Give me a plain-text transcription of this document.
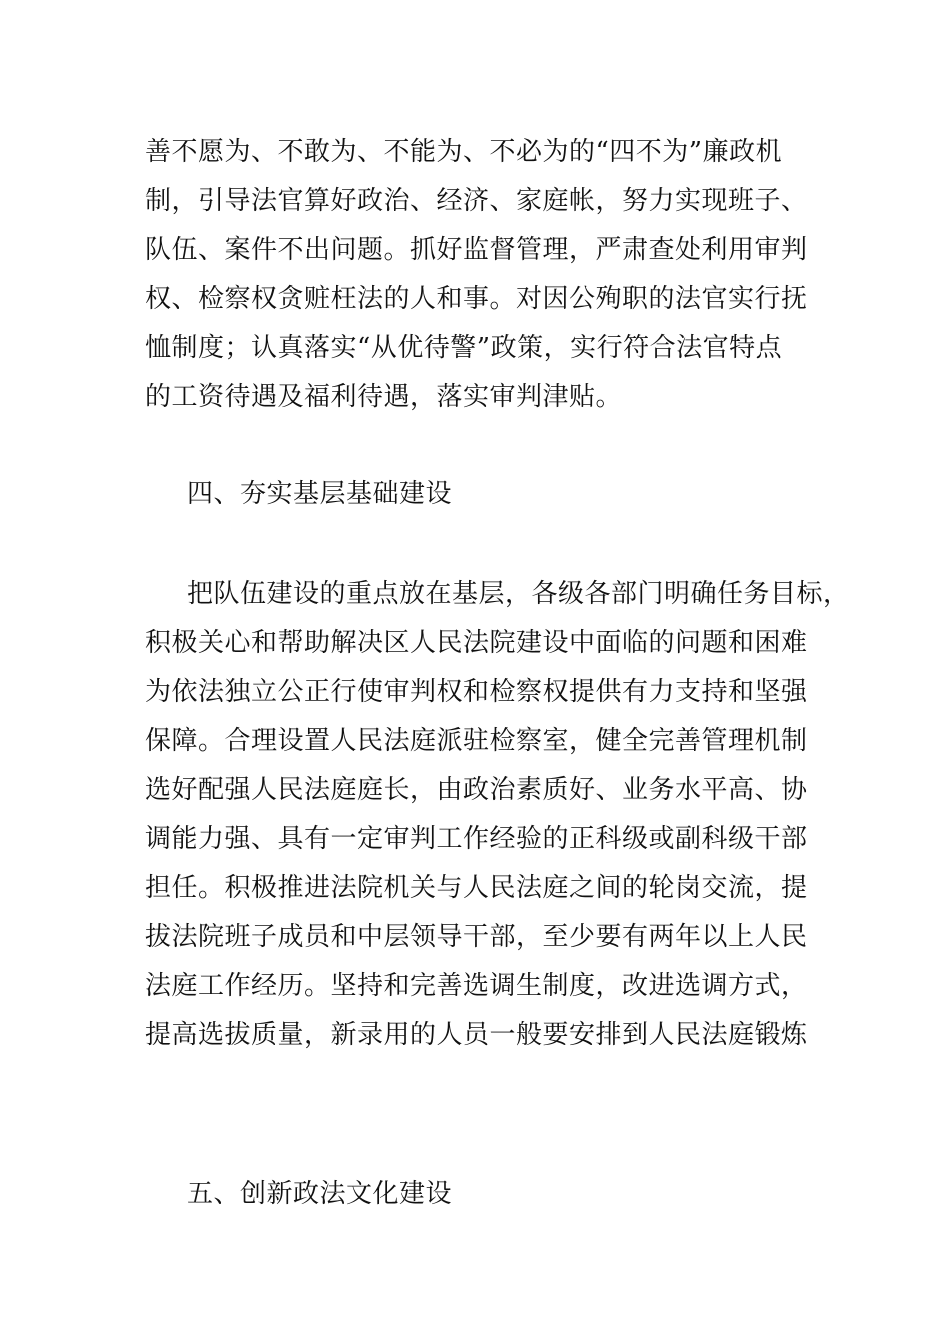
善不愿为、不敢为、不能为、不必为的“四不为”廉政机
制，引导法官算好政治、经济、家庭帐，努力实现班子、
队伍、案件不出问题。抓好监督管理，严肃查处利用审判
权、检察权贪赃枉法的人和事。对因公殉职的法官实行抚
恤制度；认真落实“从优待警”政策，实行符合法官特点
的工资待遇及福利待遇，落实审判津贴。
四、夯实基层基础建设
把队伍建设的重点放在基层，各级各部门明确任务目标，
积极关心和帮助解决区人民法院建设中面临的问题和困难
为依法独立公正行使审判权和检察权提供有力支持和坚强
保障。合理设置人民法庭派驻检察室，健全完善管理机制
选好配强人民法庭庭长，由政治素质好、业务水平高、协
调能力强、具有一定审判工作经验的正科级或副科级干部
担任。积极推进法院机关与人民法庭之间的轮岗交流，提
拔法院班子成员和中层领导干部，至少要有两年以上人民
法庭工作经历。坚持和完善选调生制度，改进选调方式，
提高选拔质量，新录用的人员一般要安排到人民法庭锻炼
五、创新政法文化建设
